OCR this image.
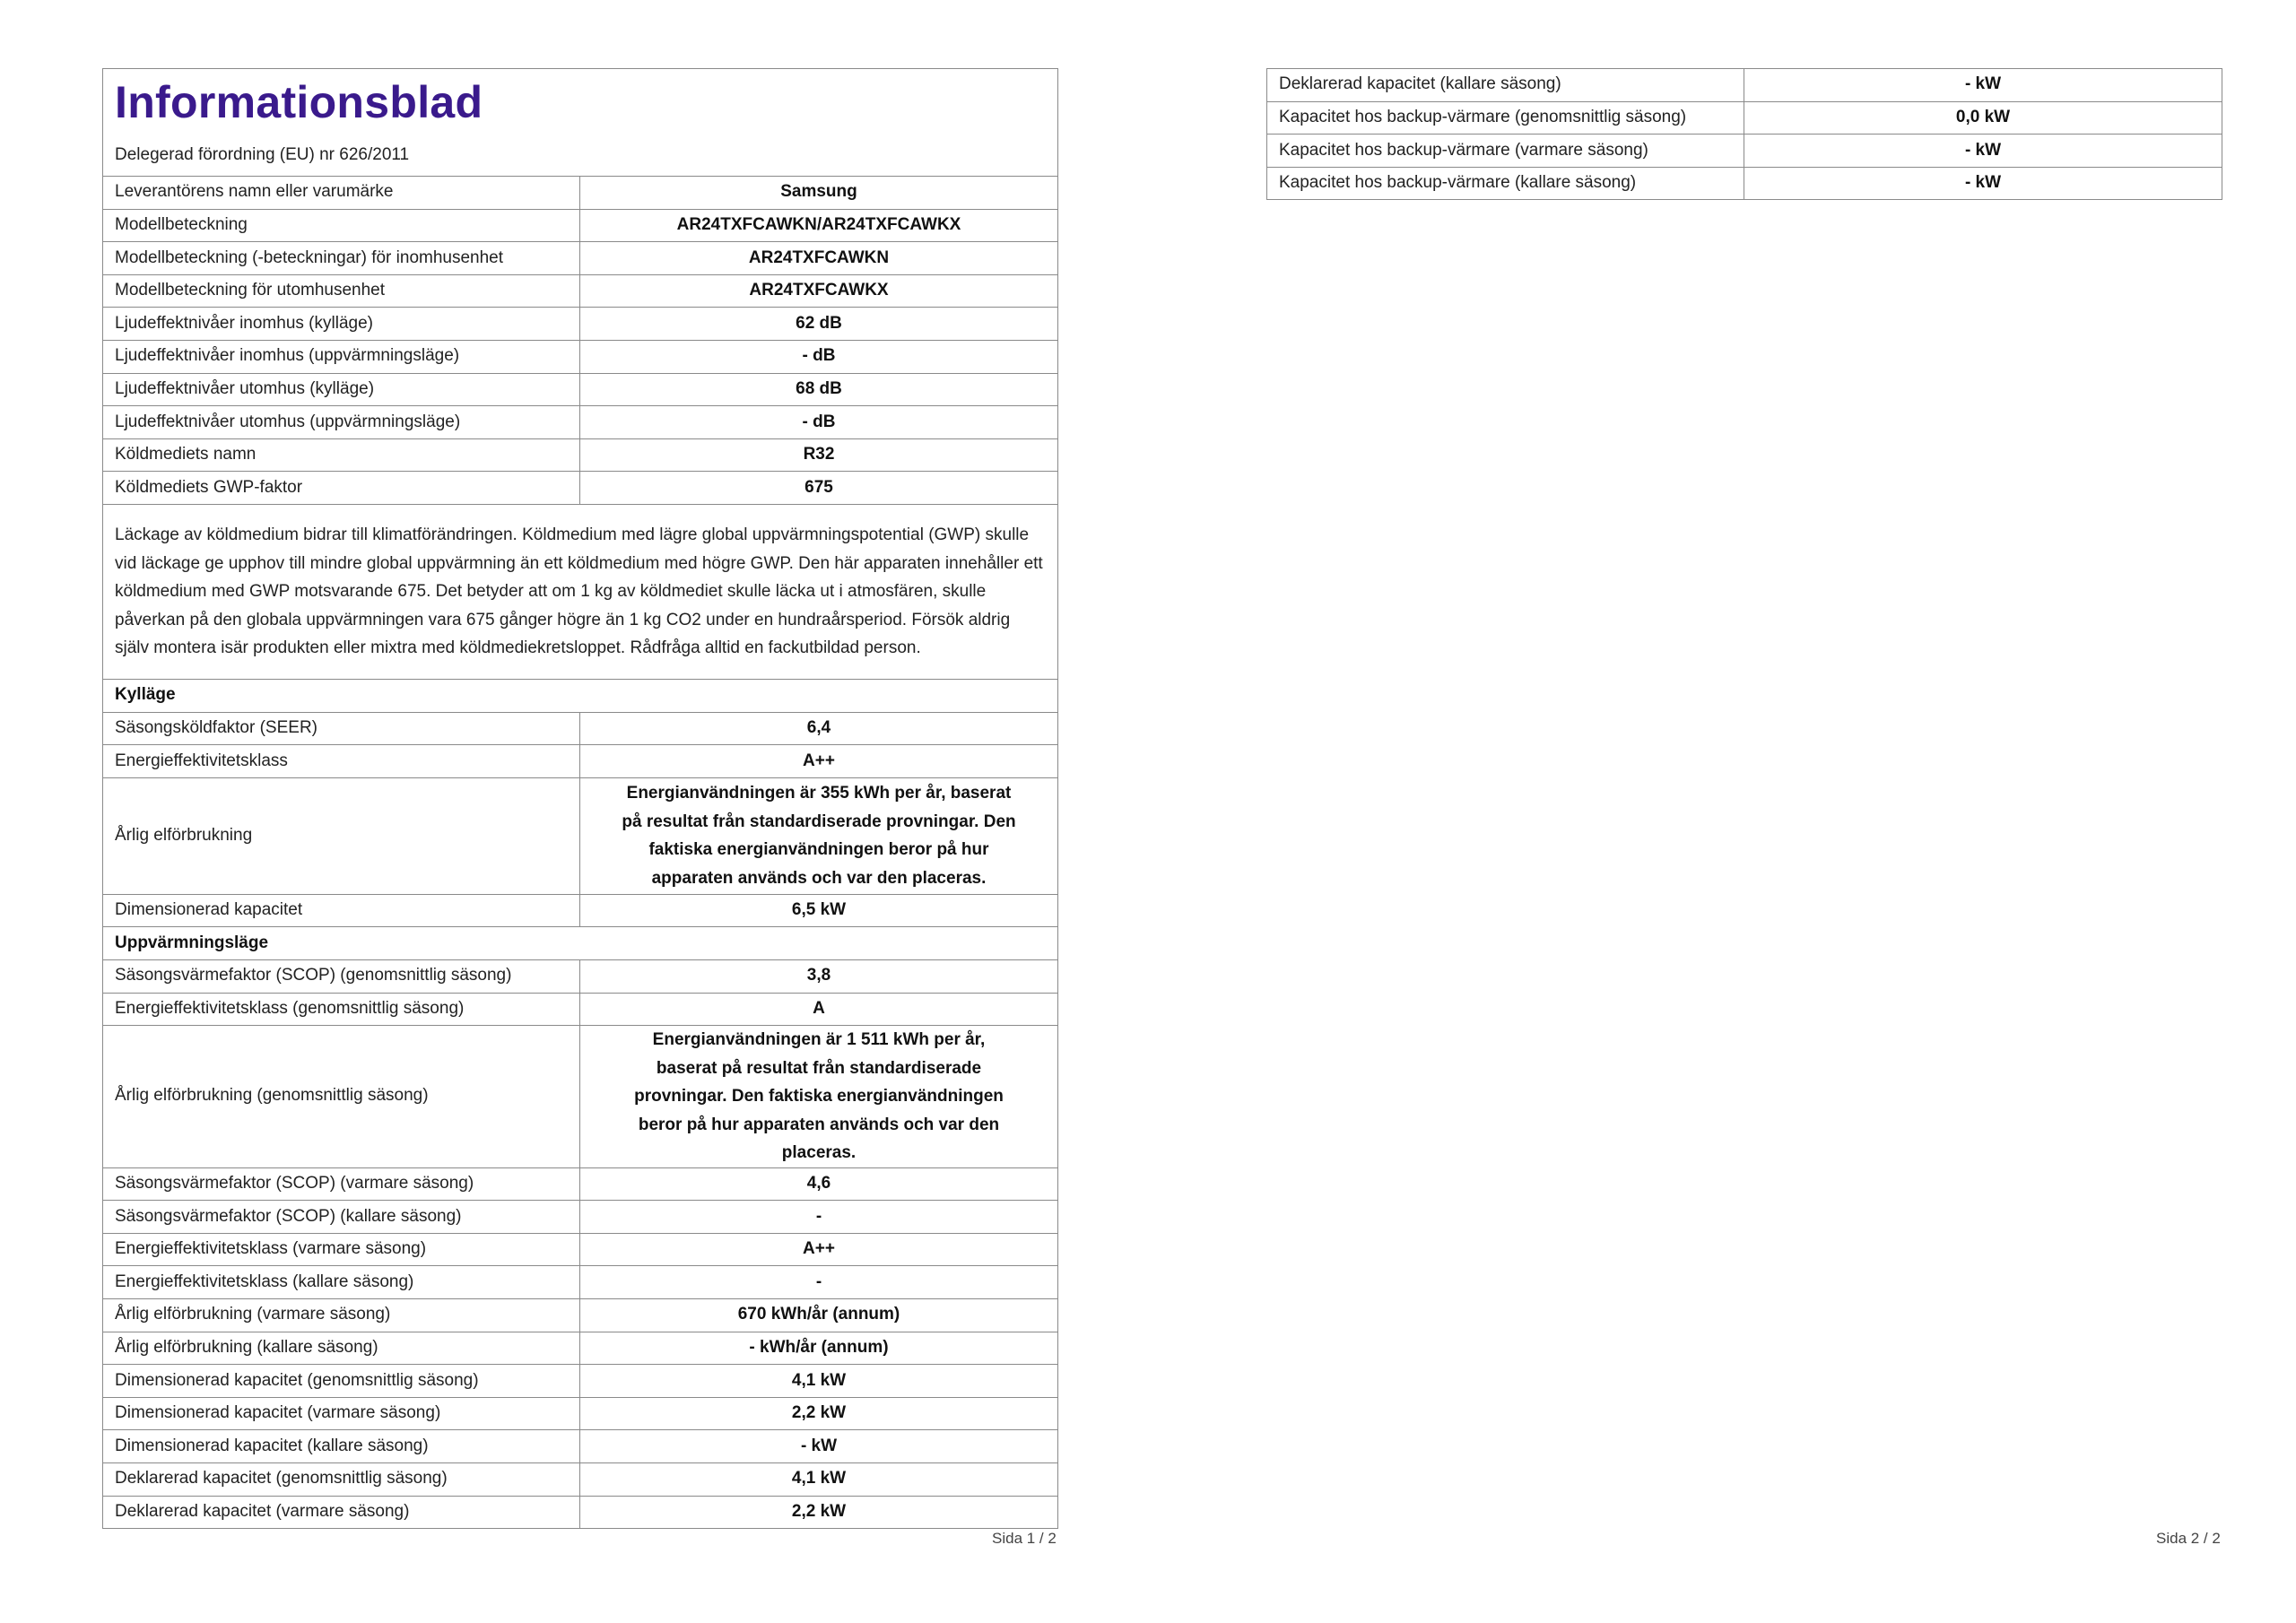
Informationsblad
Delegerad förordning (EU) nr 626/2011	

Leverantörens namn eller varumärke	Samsung
Modellbeteckning	AR24TXFCAWKN/AR24TXFCAWKX
Modellbeteckning (-beteckningar) för inomhusenhet	AR24TXFCAWKN
Modellbeteckning för utomhusenhet	AR24TXFCAWKX
Ljudeffektnivåer inomhus (kylläge)	62 dB
Ljudeffektnivåer inomhus (uppvärmningsläge)	- dB
Ljudeffektnivåer utomhus (kylläge)	68 dB
Ljudeffektnivåer utomhus (uppvärmningsläge)	- dB
Köldmediets namn	R32
Köldmediets GWP-faktor	675
Läckage av köldmedium bidrar till klimatförändringen. Köldmedium med lägre global uppvärmningspotential (GWP) skulle vid läckage ge upphov till mindre global uppvärmning än ett köldmedium med högre GWP. Den här apparaten innehåller ett köldmedium med GWP motsvarande 675. Det betyder att om 1 kg av köldmediet skulle läcka ut i atmosfären, skulle påverkan på den globala uppvärmningen vara 675 gånger högre än 1 kg CO2 under en hundraårsperiod. Försök aldrig själv montera isär produkten eller mixtra med köldmediekretsloppet. Rådfråga alltid en fackutbildad person.	
Kylläge	
Säsongsköldfaktor (SEER)	6,4
Energieffektivitetsklass	A++
Årlig elförbrukning	Energianvändningen är 355 kWh per år, baserat på resultat från standardiserade provningar. Den faktiska energianvändningen beror på hur apparaten används och var den placeras.
Dimensionerad kapacitet	6,5 kW
Uppvärmningsläge	
Säsongsvärmefaktor (SCOP) (genomsnittlig säsong)	3,8
Energieffektivitetsklass (genomsnittlig säsong)	A
Årlig elförbrukning (genomsnittlig säsong)	Energianvändningen är 1 511 kWh per år, baserat på resultat från standardiserade provningar. Den faktiska energianvändningen beror på hur apparaten används och var den placeras.
Säsongsvärmefaktor (SCOP) (varmare säsong)	4,6
Säsongsvärmefaktor (SCOP) (kallare säsong)	-
Energieffektivitetsklass (varmare säsong)	A++
Energieffektivitetsklass (kallare säsong)	-
Årlig elförbrukning (varmare säsong)	670 kWh/år (annum)
Årlig elförbrukning (kallare säsong)	- kWh/år (annum)
Dimensionerad kapacitet (genomsnittlig säsong)	4,1 kW
Dimensionerad kapacitet (varmare säsong)	2,2 kW
Dimensionerad kapacitet (kallare säsong)	- kW
Deklarerad kapacitet (genomsnittlig säsong)	4,1 kW
Deklarerad kapacitet (varmare säsong)	2,2 kW
Sida 1 / 2
Deklarerad kapacitet (kallare säsong)	- kW
Kapacitet hos backup-värmare (genomsnittlig säsong)	0,0 kW
Kapacitet hos backup-värmare (varmare säsong)	- kW
Kapacitet hos backup-värmare (kallare säsong)	- kW
Sida 2 / 2
